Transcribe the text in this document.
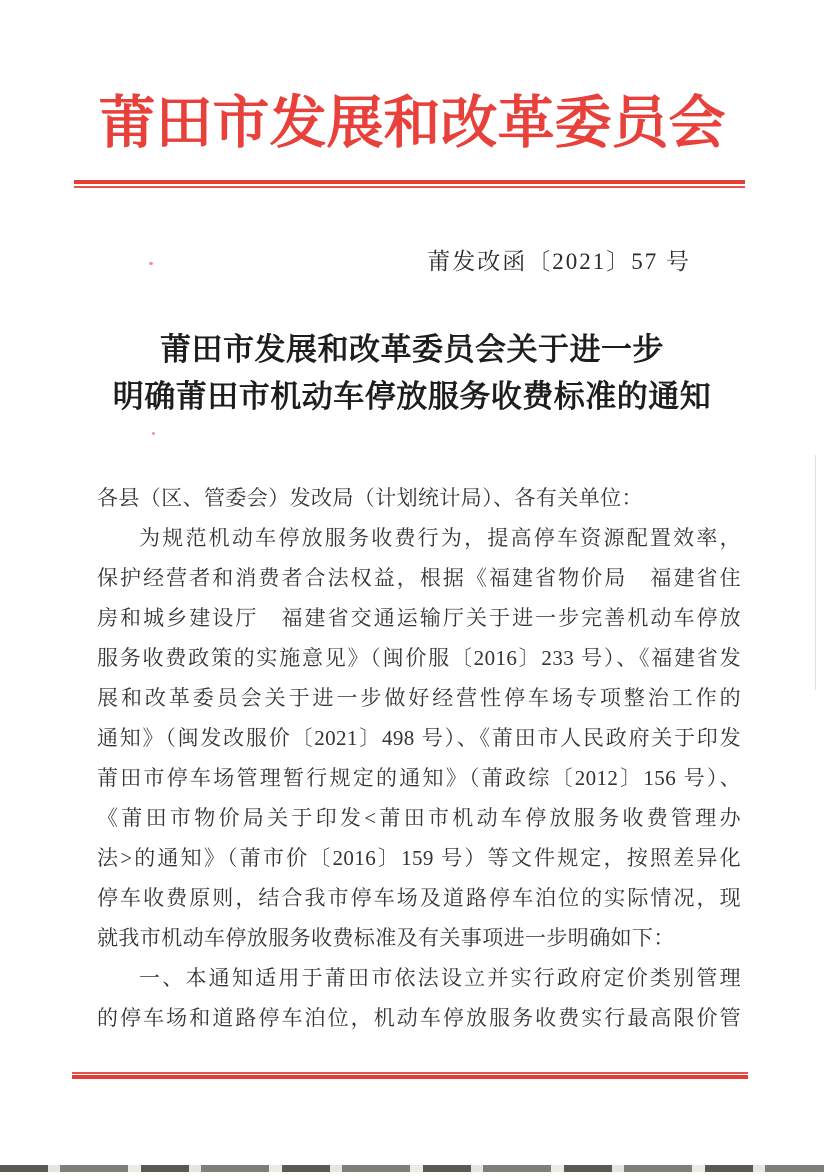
莆田市发展和改革委员会
莆发改函〔2021〕57 号
莆田市发展和改革委员会关于进一步
明确莆田市机动车停放服务收费标准的通知
各县（区、管委会）发改局（计划统计局）、各有关单位：
为规范机动车停放服务收费行为，提高停车资源配置效率，
保护经营者和消费者合法权益，根据《福建省物价局　福建省住
房和城乡建设厅　福建省交通运输厅关于进一步完善机动车停放
服务收费政策的实施意见》（闽价服〔2016〕233 号）、《福建省发
展和改革委员会关于进一步做好经营性停车场专项整治工作的
通知》（闽发改服价〔2021〕498 号）、《莆田市人民政府关于印发
莆田市停车场管理暂行规定的通知》（莆政综〔2012〕156 号）、
《莆田市物价局关于印发<莆田市机动车停放服务收费管理办
法>的通知》（莆市价〔2016〕159 号）等文件规定，按照差异化
停车收费原则，结合我市停车场及道路停车泊位的实际情况，现
就我市机动车停放服务收费标准及有关事项进一步明确如下：
一、本通知适用于莆田市依法设立并实行政府定价类别管理
的停车场和道路停车泊位，机动车停放服务收费实行最高限价管
